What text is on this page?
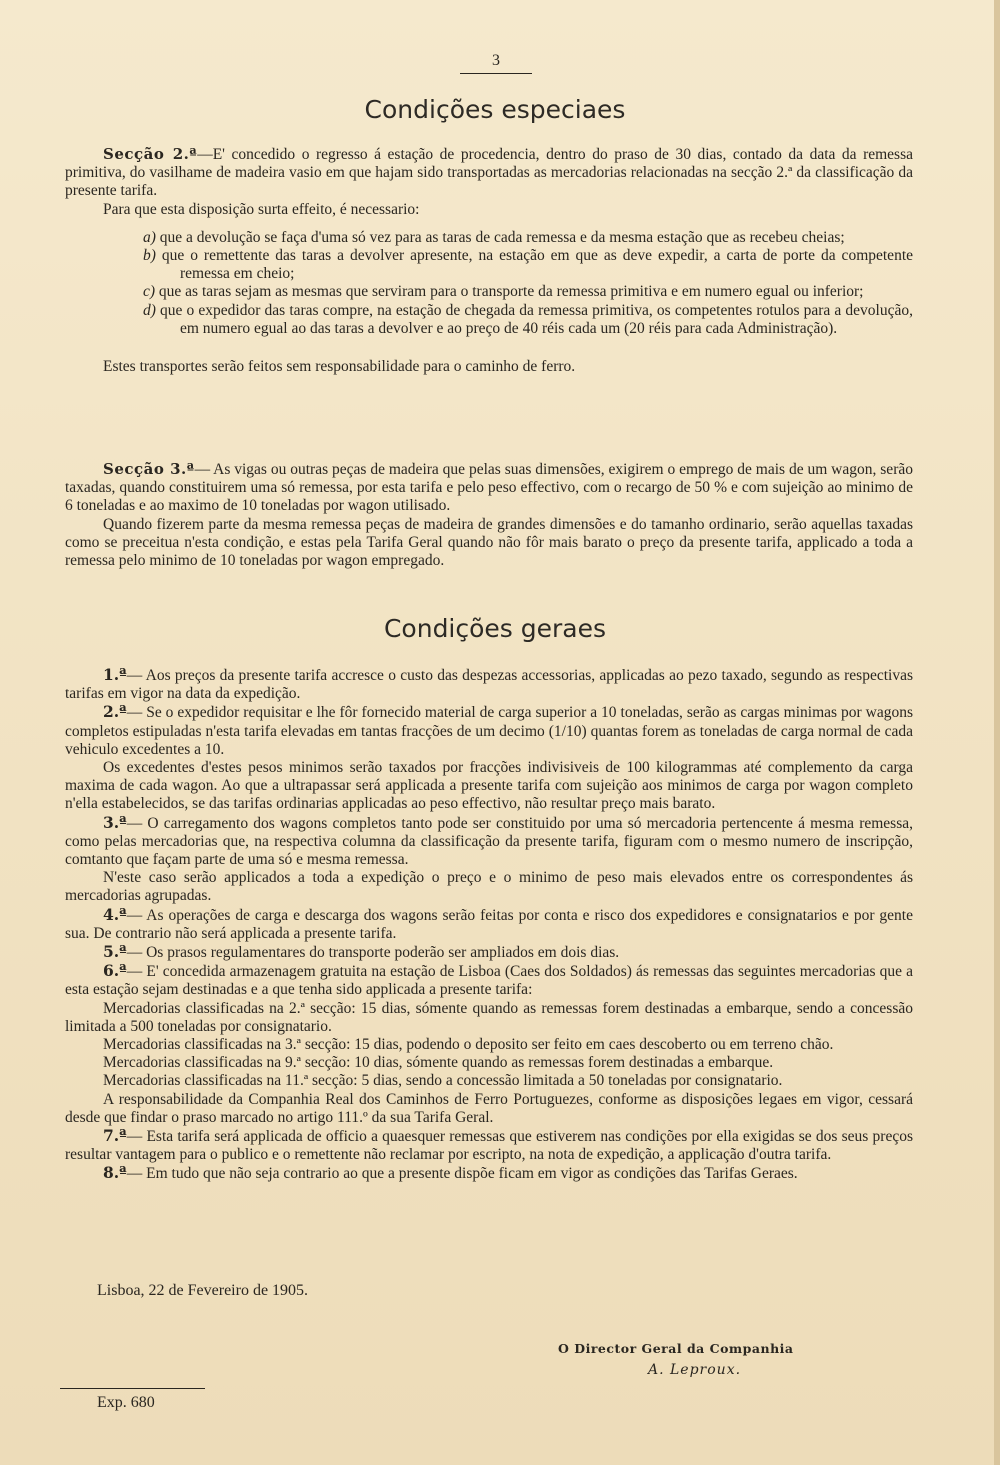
3
Condições especiaes

Secção 2.ª—E' concedido o regresso á estação de procedencia, dentro do praso de 30 dias, contado da data da remessa primitiva, do vasilhame de madeira vasio em que hajam sido transportadas as mercadorias relacionadas na secção 2.ª da classificação da presente tarifa.

Para que esta disposição surta effeito, é necessario:

a) que a devolução se faça d'uma só vez para as taras de cada remessa e da mesma estação que as recebeu cheias;

b) que o remettente das taras a devolver apresente, na estação em que as deve expedir, a carta de porte da competente remessa em cheio;

c) que as taras sejam as mesmas que serviram para o transporte da remessa primitiva e em numero egual ou inferior;

d) que o expedidor das taras compre, na estação de chegada da remessa primitiva, os competentes rotulos para a devolução, em numero egual ao das taras a devolver e ao preço de 40 réis cada um (20 réis para cada Administração).

Estes transportes serão feitos sem responsabilidade para o caminho de ferro.

Secção 3.ª— As vigas ou outras peças de madeira que pelas suas dimensões, exigirem o emprego de mais de um wagon, serão taxadas, quando constituirem uma só remessa, por esta tarifa e pelo peso effectivo, com o recargo de 50 % e com sujeição ao minimo de 6 toneladas e ao maximo de 10 toneladas por wagon utilisado.

Quando fizerem parte da mesma remessa peças de madeira de grandes dimensões e do tamanho ordinario, serão aquellas taxadas como se preceitua n'esta condição, e estas pela Tarifa Geral quando não fôr mais barato o preço da presente tarifa, applicado a toda a remessa pelo minimo de 10 toneladas por wagon empregado.

Condições geraes

1.ª— Aos preços da presente tarifa accresce o custo das despezas accessorias, applicadas ao pezo taxado, segundo as respectivas tarifas em vigor na data da expedição.

2.ª— Se o expedidor requisitar e lhe fôr fornecido material de carga superior a 10 toneladas, serão as cargas minimas por wagons completos estipuladas n'esta tarifa elevadas em tantas fracções de um decimo (1/10) quantas forem as toneladas de carga normal de cada vehiculo excedentes a 10.

Os excedentes d'estes pesos minimos serão taxados por fracções indivisiveis de 100 kilogrammas até complemento da carga maxima de cada wagon. Ao que a ultrapassar será applicada a presente tarifa com sujeição aos minimos de carga por wagon completo n'ella estabelecidos, se das tarifas ordinarias applicadas ao peso effectivo, não resultar preço mais barato.

3.ª— O carregamento dos wagons completos tanto pode ser constituido por uma só mercadoria pertencente á mesma remessa, como pelas mercadorias que, na respectiva columna da classificação da presente tarifa, figuram com o mesmo numero de inscripção, comtanto que façam parte de uma só e mesma remessa.

N'este caso serão applicados a toda a expedição o preço e o minimo de peso mais elevados entre os correspondentes ás mercadorias agrupadas.

4.ª— As operações de carga e descarga dos wagons serão feitas por conta e risco dos expedidores e consignatarios e por gente sua. De contrario não será applicada a presente tarifa.

5.ª— Os prasos regulamentares do transporte poderão ser ampliados em dois dias.

6.ª— E' concedida armazenagem gratuita na estação de Lisboa (Caes dos Soldados) ás remessas das seguintes mercadorias que a esta estação sejam destinadas e a que tenha sido applicada a presente tarifa:

Mercadorias classificadas na 2.ª secção: 15 dias, sómente quando as remessas forem destinadas a embarque, sendo a concessão limitada a 500 toneladas por consignatario.

Mercadorias classificadas na 3.ª secção: 15 dias, podendo o deposito ser feito em caes descoberto ou em terreno chão.

Mercadorias classificadas na 9.ª secção: 10 dias, sómente quando as remessas forem destinadas a embarque.

Mercadorias classificadas na 11.ª secção: 5 dias, sendo a concessão limitada a 50 toneladas por consignatario.

A responsabilidade da Companhia Real dos Caminhos de Ferro Portuguezes, conforme as disposições legaes em vigor, cessará desde que findar o praso marcado no artigo 111.º da sua Tarifa Geral.

7.ª— Esta tarifa será applicada de officio a quaesquer remessas que estiverem nas condições por ella exigidas se dos seus preços resultar vantagem para o publico e o remettente não reclamar por escripto, na nota de expedição, a applicação d'outra tarifa.

8.ª— Em tudo que não seja contrario ao que a presente dispõe ficam em vigor as condições das Tarifas Geraes.

Lisboa, 22 de Fevereiro de 1905.
O Director Geral da Companhia
A. Leproux.
Exp. 680
